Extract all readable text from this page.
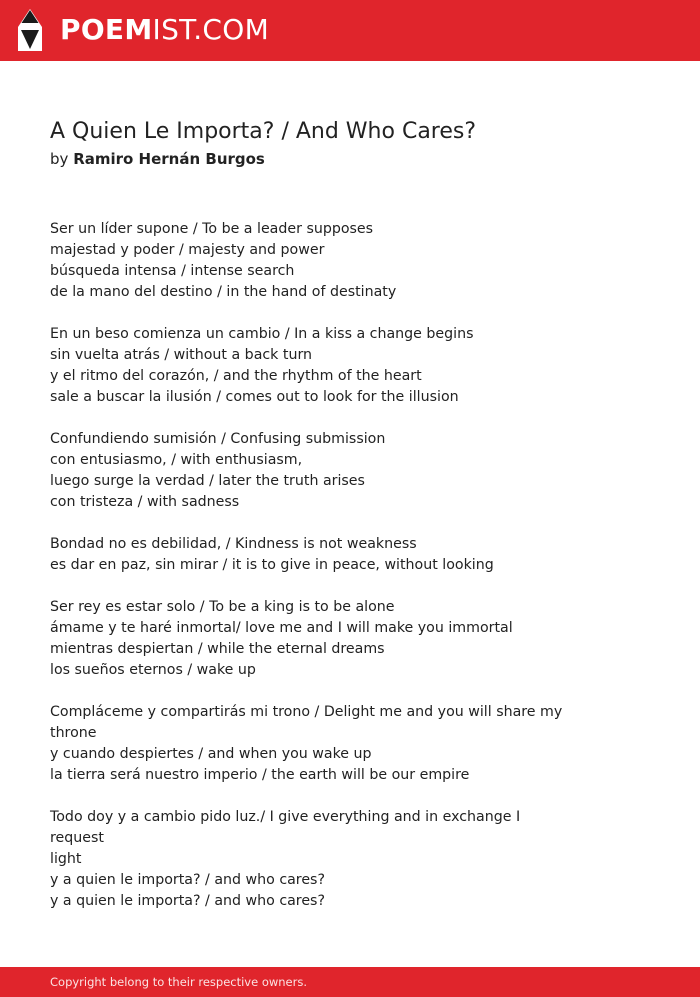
POEMIST.COM
A Quien Le Importa? / And Who Cares?
by Ramiro Hernán Burgos
Ser un líder supone / To be a leader supposes
majestad y poder / majesty and power
búsqueda intensa / intense search
de la mano del destino / in the hand of destinaty
En un beso comienza un cambio / In a kiss a change begins
sin vuelta atrás / without a back turn
y el ritmo del corazón, / and the rhythm of the heart
sale a buscar la ilusión / comes out to look for the illusion
Confundiendo sumisión / Confusing submission
con entusiasmo, / with enthusiasm,
luego surge la verdad / later the truth arises
con tristeza / with sadness
Bondad no es debilidad, / Kindness is not weakness
es dar en paz, sin mirar / it is to give in peace, without looking
Ser rey es estar solo / To be a king is to be alone
ámame y te haré inmortal/ love me and I will make you immortal
mientras despiertan / while the eternal dreams
los sueños eternos / wake up
Compláceme y compartirás mi trono / Delight me and you will share my
throne
y cuando despiertes / and when you wake up
la tierra será nuestro imperio / the earth will be our empire
Todo doy y a cambio pido luz./ I give everything and in exchange I request
light
y a quien le importa? / and who cares?
y a quien le importa? / and who cares?
Copyright belong to their respective owners.
